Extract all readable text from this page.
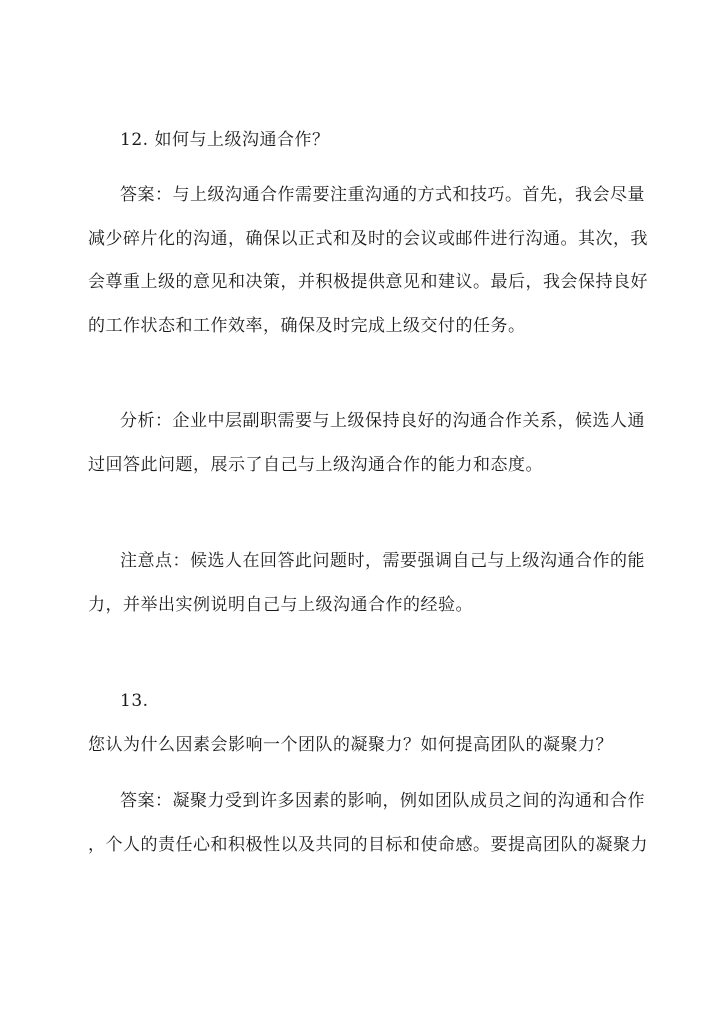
12. 如何与上级沟通合作？
答案：与上级沟通合作需要注重沟通的方式和技巧。首先，我会尽量
减少碎片化的沟通，确保以正式和及时的会议或邮件进行沟通。其次，我
会尊重上级的意见和决策，并积极提供意见和建议。最后，我会保持良好
的工作状态和工作效率，确保及时完成上级交付的任务。
分析：企业中层副职需要与上级保持良好的沟通合作关系，候选人通
过回答此问题，展示了自己与上级沟通合作的能力和态度。
注意点：候选人在回答此问题时，需要强调自己与上级沟通合作的能
力，并举出实例说明自己与上级沟通合作的经验。
13.
您认为什么因素会影响一个团队的凝聚力？如何提高团队的凝聚力？
答案：凝聚力受到许多因素的影响，例如团队成员之间的沟通和合作
，个人的责任心和积极性以及共同的目标和使命感。要提高团队的凝聚力
